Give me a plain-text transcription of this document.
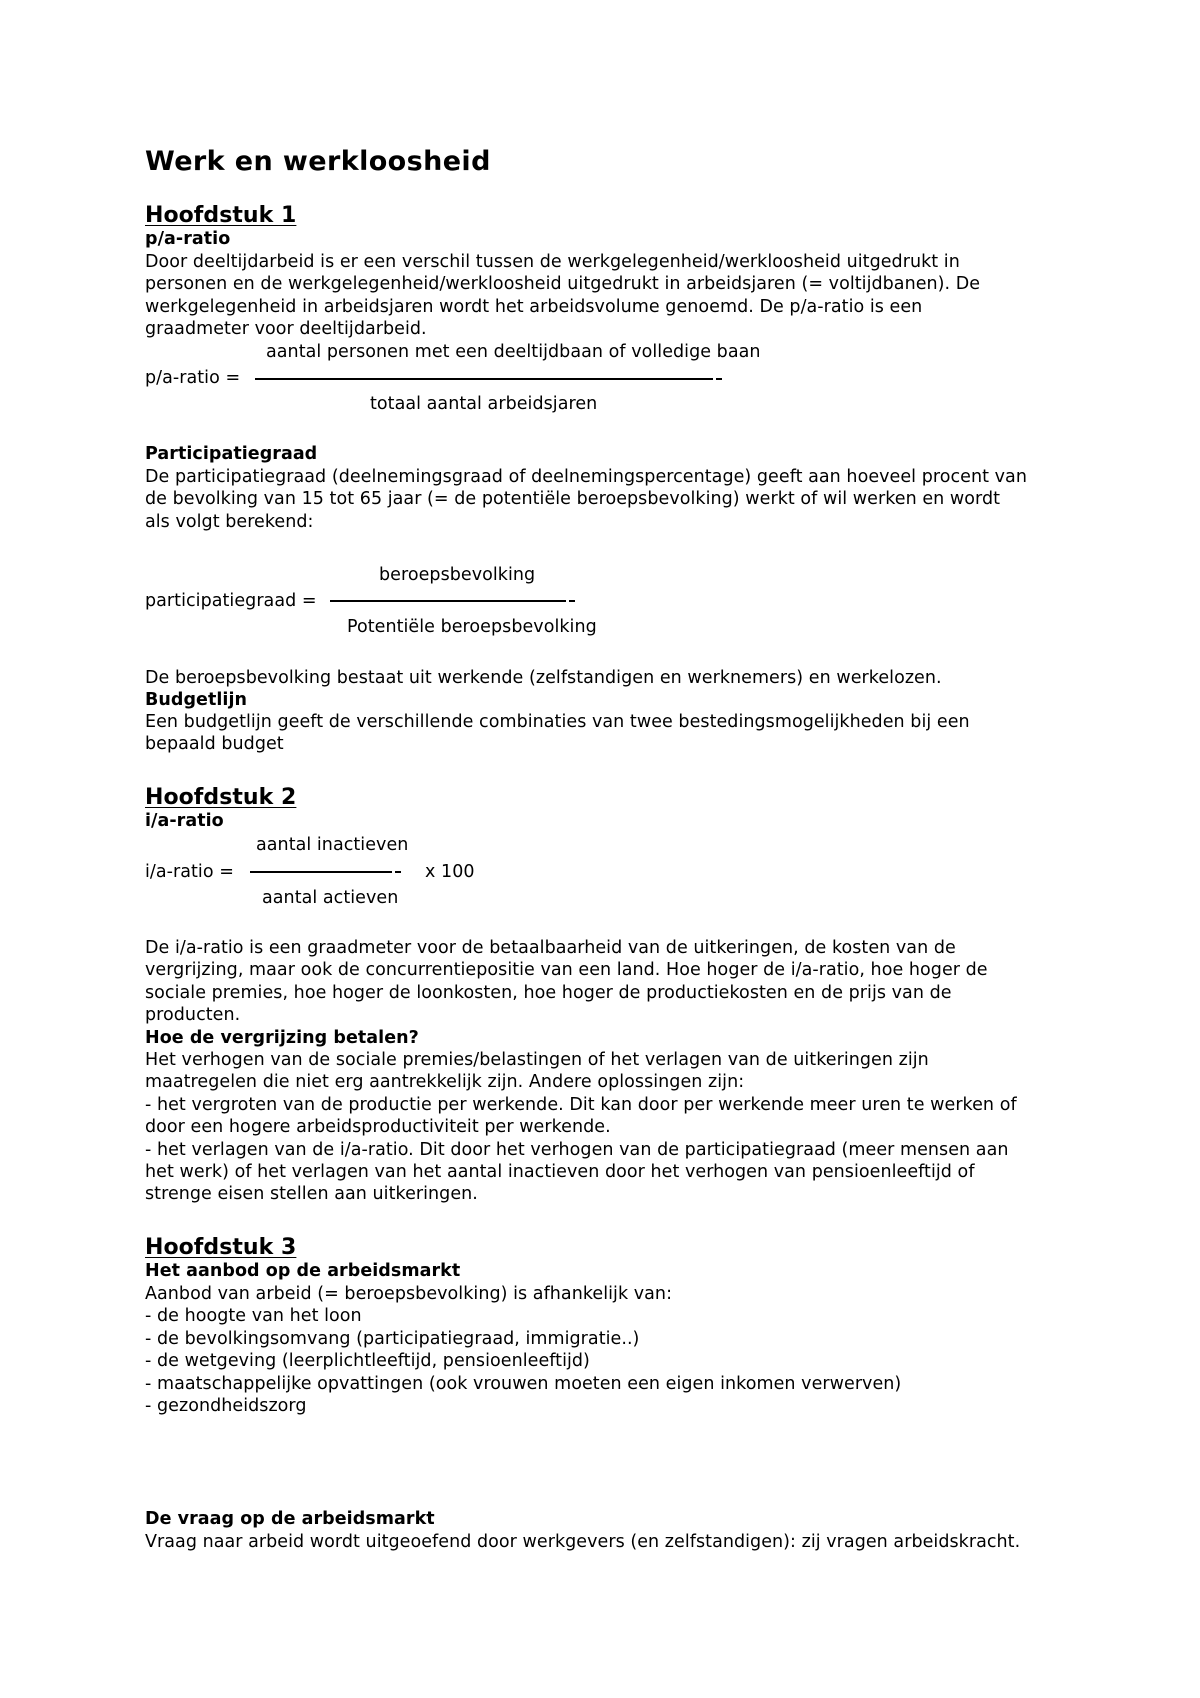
Werk en werkloosheid
Hoofdstuk 1
p/a-ratio

Door deeltijdarbeid is er een verschil tussen de werkgelegenheid/werkloosheid uitgedrukt in
personen en de werkgelegenheid/werkloosheid uitgedrukt in arbeidsjaren (= voltijdbanen). De
werkgelegenheid in arbeidsjaren wordt het arbeidsvolume genoemd. De p/a-ratio is een
graadmeter voor deeltijdarbeid.

aantal personen met een deeltijdbaan of volledige baan
p/a-ratio =
totaal aantal arbeidsjaren
Participatiegraad

De participatiegraad (deelnemingsgraad of deelnemingspercentage) geeft aan hoeveel procent van
de bevolking van 15 tot 65 jaar (= de potentiële beroepsbevolking) werkt of wil werken en wordt
als volgt berekend:

beroepsbevolking
participatiegraad =
Potentiële beroepsbevolking

De beroepsbevolking bestaat uit werkende (zelfstandigen en werknemers) en werkelozen.

Budgetlijn

Een budgetlijn geeft de verschillende combinaties van twee bestedingsmogelijkheden bij een
bepaald budget

Hoofdstuk 2
i/a-ratio
aantal inactieven
i/a-ratio =	x 100
aantal actieven

De i/a-ratio is een graadmeter voor de betaalbaarheid van de uitkeringen, de kosten van de
vergrijzing, maar ook de concurrentiepositie van een land. Hoe hoger de i/a-ratio, hoe hoger de
sociale premies, hoe hoger de loonkosten, hoe hoger de productiekosten en de prijs van de
producten.

Hoe de vergrijzing betalen?

Het verhogen van de sociale premies/belastingen of het verlagen van de uitkeringen zijn
maatregelen die niet erg aantrekkelijk zijn. Andere oplossingen zijn:
- het vergroten van de productie per werkende. Dit kan door per werkende meer uren te werken of
door een hogere arbeidsproductiviteit per werkende.
- het verlagen van de i/a-ratio. Dit door het verhogen van de participatiegraad (meer mensen aan
het werk) of het verlagen van het aantal inactieven door het verhogen van pensioenleeftijd of
strenge eisen stellen aan uitkeringen.

Hoofdstuk 3
Het aanbod op de arbeidsmarkt

Aanbod van arbeid (= beroepsbevolking) is afhankelijk van:
- de hoogte van het loon
- de bevolkingsomvang (participatiegraad, immigratie..)
- de wetgeving (leerplichtleeftijd, pensioenleeftijd)
- maatschappelijke opvattingen (ook vrouwen moeten een eigen inkomen verwerven)
- gezondheidszorg

De vraag op de arbeidsmarkt

Vraag naar arbeid wordt uitgeoefend door werkgevers (en zelfstandigen): zij vragen arbeidskracht.
